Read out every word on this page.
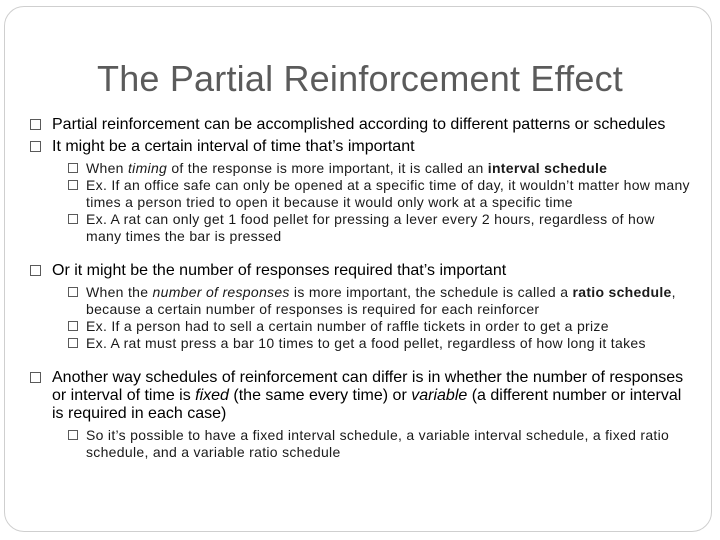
The Partial Reinforcement Effect
Partial reinforcement can be accomplished according to different patterns or schedules
It might be a certain interval of time that’s important
When timing of the response is more important, it is called an interval schedule
Ex. If an office safe can only be opened at a specific time of day, it wouldn’t matter how many times a person tried to open it because it would only work at a specific time
Ex. A rat can only get 1 food pellet for pressing a lever every 2 hours, regardless of how many times the bar is pressed
Or it might be the number of responses required that’s important
When the number of responses is more important, the schedule is called a ratio schedule, because a certain number of responses is required for each reinforcer
Ex. If a person had to sell a certain number of raffle tickets in order to get a prize
Ex. A rat must press a bar 10 times to get a food pellet, regardless of how long it takes
Another way schedules of reinforcement can differ is in whether the number of responses or interval of time is fixed (the same every time) or variable (a different number or interval is required in each case)
So it’s possible to have a fixed interval schedule, a variable interval schedule, a fixed ratio schedule, and a variable ratio schedule
